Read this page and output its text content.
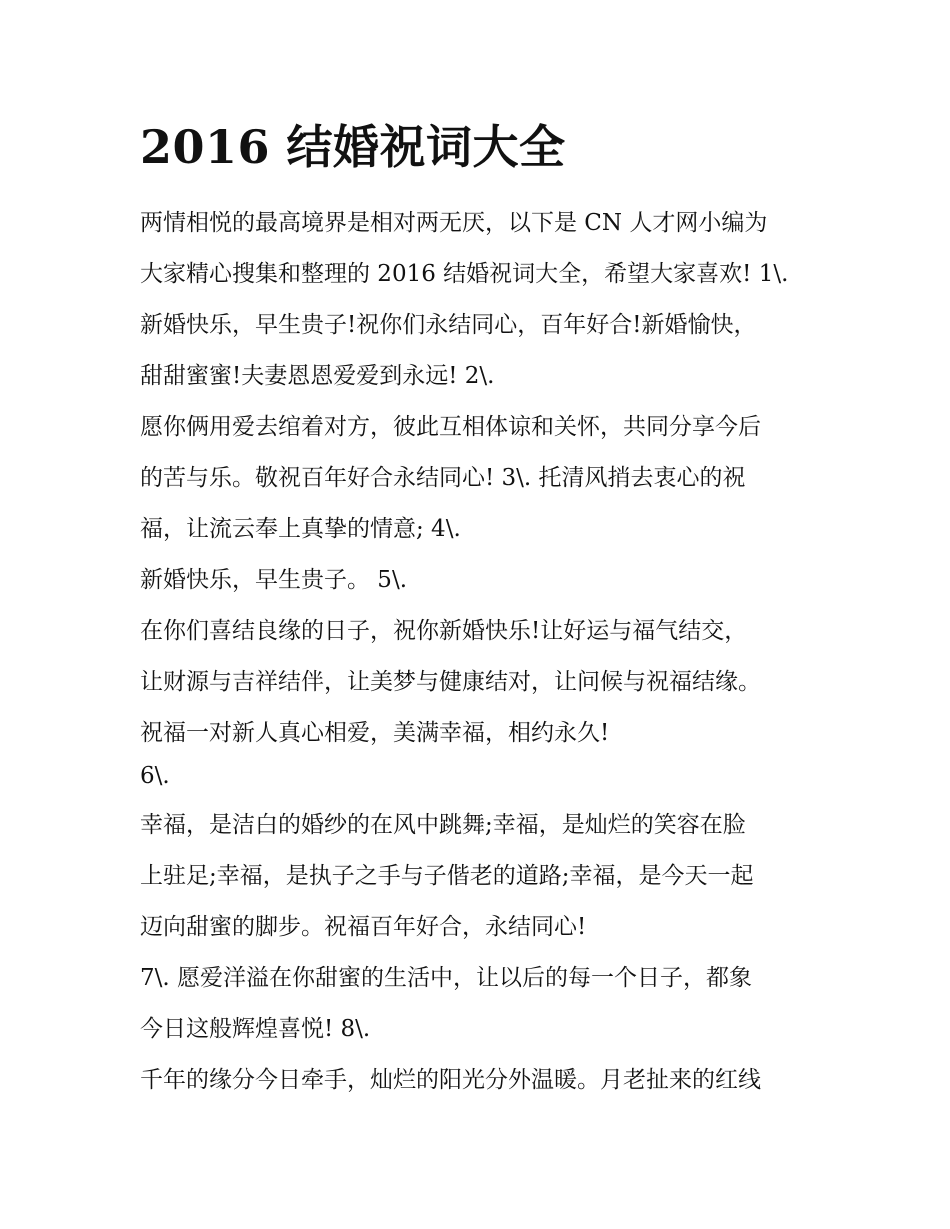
2016 结婚祝词大全
两情相悦的最高境界是相对两无厌，以下是 CN 人才网小编为
大家精心搜集和整理的 2016 结婚祝词大全，希望大家喜欢! 1\.
新婚快乐，早生贵子!祝你们永结同心，百年好合!新婚愉快，
甜甜蜜蜜!夫妻恩恩爱爱到永远! 2\.
愿你俩用爱去绾着对方，彼此互相体谅和关怀，共同分享今后
的苦与乐。敬祝百年好合永结同心! 3\. 托清风捎去衷心的祝
福，让流云奉上真挚的情意; 4\.
新婚快乐，早生贵子。 5\.
在你们喜结良缘的日子，祝你新婚快乐!让好运与福气结交，
让财源与吉祥结伴，让美梦与健康结对，让问候与祝福结缘。
祝福一对新人真心相爱，美满幸福，相约永久!
6\.
幸福，是洁白的婚纱的在风中跳舞;幸福，是灿烂的笑容在脸
上驻足;幸福，是执子之手与子偕老的道路;幸福，是今天一起
迈向甜蜜的脚步。祝福百年好合，永结同心!
7\. 愿爱洋溢在你甜蜜的生活中，让以后的每一个日子，都象
今日这般辉煌喜悦! 8\.
千年的缘分今日牵手，灿烂的阳光分外温暖。月老扯来的红线
